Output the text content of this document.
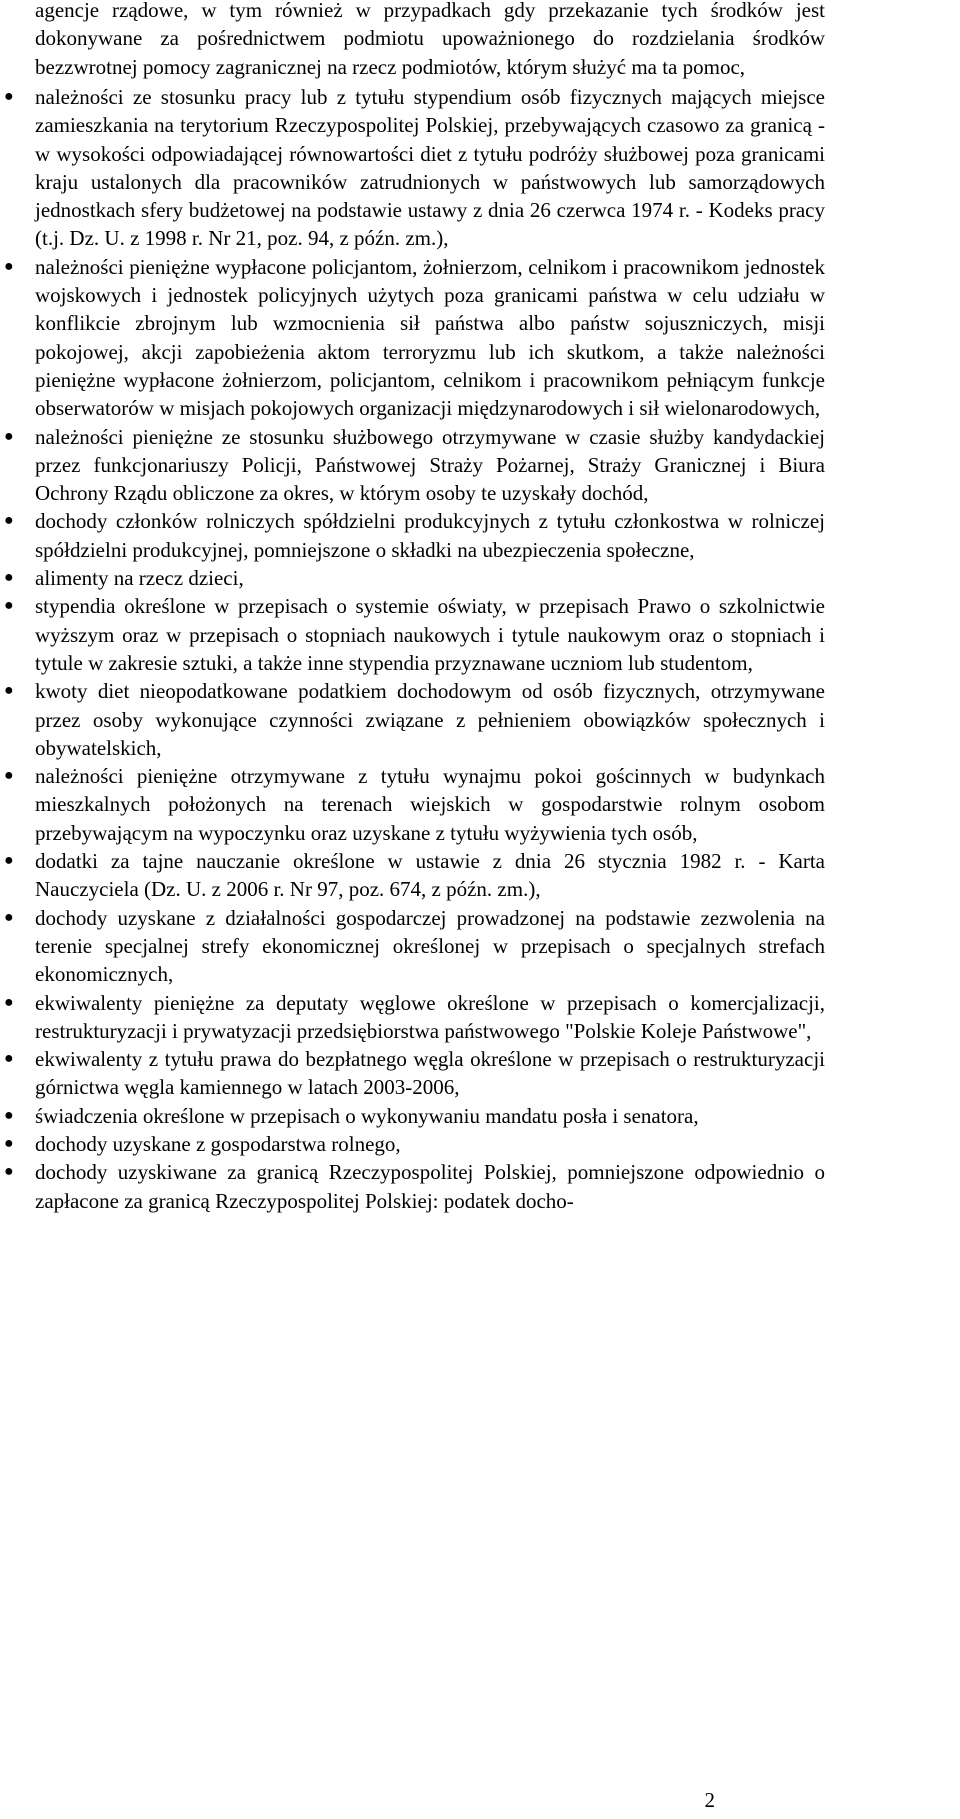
agencje rządowe, w tym również w przypadkach gdy przekazanie tych środków jest dokonywane za pośrednictwem podmiotu upoważnionego do rozdzielania środków bezzwrotnej pomocy zagranicznej na rzecz podmiotów, którym służyć ma ta pomoc,

● należności ze stosunku pracy lub z tytułu stypendium osób fizycznych mających miejsce zamieszkania na terytorium Rzeczypospolitej Polskiej, przebywających czasowo za granicą - w wysokości odpowiadającej równowartości diet z tytułu podróży służbowej poza granicami kraju ustalonych dla pracowników zatrudnionych w państwowych lub samorządowych jednostkach sfery budżetowej na podstawie ustawy z dnia 26 czerwca 1974 r. - Kodeks pracy (t.j. Dz. U. z 1998 r. Nr 21, poz. 94, z późn. zm.),
● należności pieniężne wypłacone policjantom, żołnierzom, celnikom i pracownikom jednostek wojskowych i jednostek policyjnych użytych poza granicami państwa w celu udziału w konflikcie zbrojnym lub wzmocnienia sił państwa albo państw sojuszniczych, misji pokojowej, akcji zapobieżenia aktom terroryzmu lub ich skutkom, a także należności pieniężne wypłacone żołnierzom, policjantom, celnikom i pracownikom pełniącym funkcje obserwatorów w misjach pokojowych organizacji międzynarodowych i sił wielonarodowych,
● należności pieniężne ze stosunku służbowego otrzymywane w czasie służby kandydackiej przez funkcjonariuszy Policji, Państwowej Straży Pożarnej, Straży Granicznej i Biura Ochrony Rządu obliczone za okres, w którym osoby te uzyskały dochód,
● dochody członków rolniczych spółdzielni produkcyjnych z tytułu członkostwa w rolniczej spółdzielni produkcyjnej, pomniejszone o składki na ubezpieczenia społeczne,
● alimenty na rzecz dzieci,
● stypendia określone w przepisach o systemie oświaty, w przepisach Prawo o szkolnictwie wyższym oraz w przepisach o stopniach naukowych i tytule naukowym oraz o stopniach i tytule w zakresie sztuki, a także inne stypendia przyznawane uczniom lub studentom,
● kwoty diet nieopodatkowane podatkiem dochodowym od osób fizycznych, otrzymywane przez osoby wykonujące czynności związane z pełnieniem obowiązków społecznych i obywatelskich,
● należności pieniężne otrzymywane z tytułu wynajmu pokoi gościnnych w budynkach mieszkalnych położonych na terenach wiejskich w gospodarstwie rolnym osobom przebywającym na wypoczynku oraz uzyskane z tytułu wyżywienia tych osób,
● dodatki za tajne nauczanie określone w ustawie z dnia 26 stycznia 1982 r. - Karta Nauczyciela (Dz. U. z 2006 r. Nr 97, poz. 674, z późn. zm.),
● dochody uzyskane z działalności gospodarczej prowadzonej na podstawie zezwolenia na terenie specjalnej strefy ekonomicznej określonej w przepisach o specjalnych strefach ekonomicznych,
● ekwiwalenty pieniężne za deputaty węglowe określone w przepisach o komercjalizacji, restrukturyzacji i prywatyzacji przedsiębiorstwa państwowego "Polskie Koleje Państwowe",
● ekwiwalenty z tytułu prawa do bezpłatnego węgla określone w przepisach o restrukturyzacji górnictwa węgla kamiennego w latach 2003-2006,
● świadczenia określone w przepisach o wykonywaniu mandatu posła i senatora,
● dochody uzyskane z gospodarstwa rolnego,
● dochody uzyskiwane za granicą Rzeczypospolitej Polskiej, pomniejszone odpowiednio o zapłacone za granicą Rzeczypospolitej Polskiej: podatek docho-
2
